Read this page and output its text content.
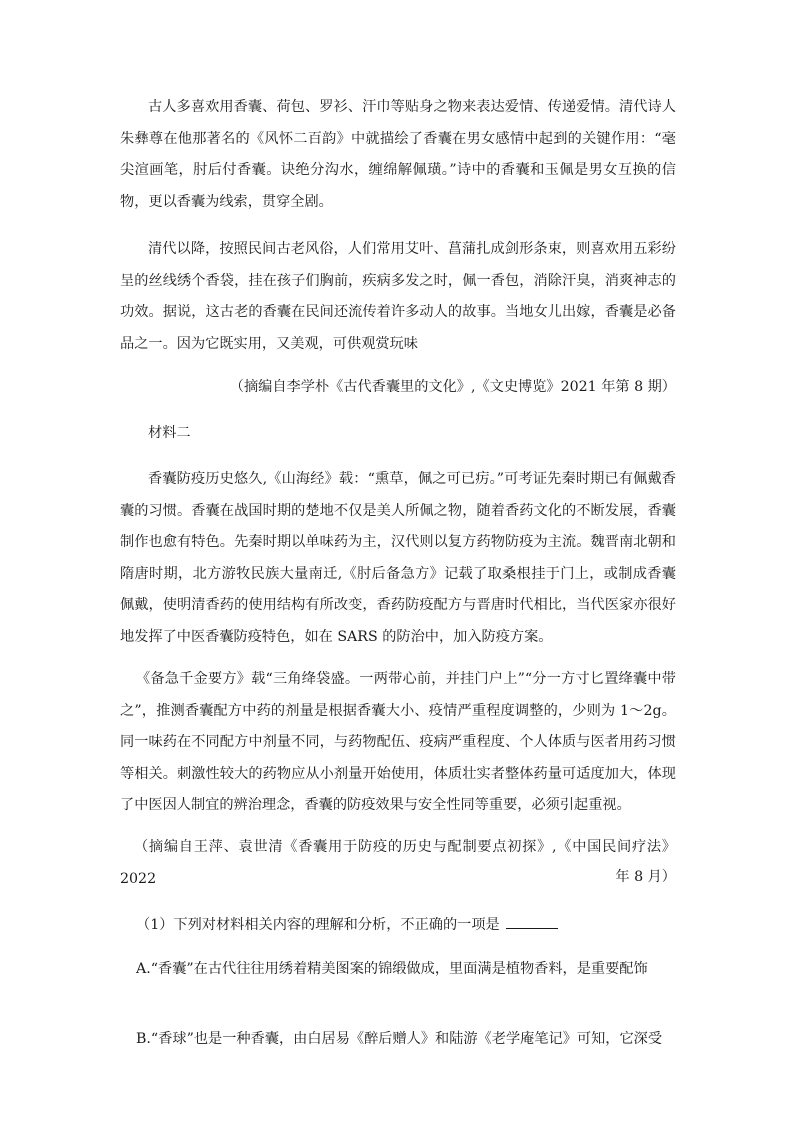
古人多喜欢用香囊、荷包、罗衫、汗巾等贴身之物来表达爱情、传递爱情。清代诗人朱彝尊在他那著名的《风怀二百韵》中就描绘了香囊在男女感情中起到的关键作用：“毫尖渲画笔，肘后付香囊。诀绝分沟水，缠绵解佩璜。”诗中的香囊和玉佩是男女互换的信物，更以香囊为线索，贯穿全剧。

清代以降，按照民间古老风俗，人们常用艾叶、菖蒲扎成剑形条束，则喜欢用五彩纷呈的丝线绣个香袋，挂在孩子们胸前，疾病多发之时，佩一香包，消除汗臭，消爽神志的功效。据说，这古老的香囊在民间还流传着许多动人的故事。当地女儿出嫁，香囊是必备品之一。因为它既实用，又美观，可供观赏玩味

（摘编自李学朴《古代香囊里的文化》,《文史博览》2021 年第 8 期）

材料二

香囊防疫历史悠久,《山海经》载：“熏草，佩之可已疠。”可考证先秦时期已有佩戴香囊的习惯。香囊在战国时期的楚地不仅是美人所佩之物，随着香药文化的不断发展，香囊制作也愈有特色。先秦时期以单味药为主，汉代则以复方药物防疫为主流。魏晋南北朝和隋唐时期，北方游牧民族大量南迁,《肘后备急方》记载了取桑根挂于门上，或制成香囊佩戴，使明清香药的使用结构有所改变，香药防疫配方与晋唐时代相比，当代医家亦很好地发挥了中医香囊防疫特色，如在 SARS 的防治中，加入防疫方案。

《备急千金要方》载“三角绛袋盛。一两带心前，并挂门户上”“分一方寸匕置绛囊中带之”，推测香囊配方中药的剂量是根据香囊大小、疫情严重程度调整的，少则为 1～2g。同一味药在不同配方中剂量不同，与药物配伍、疫病严重程度、个人体质与医者用药习惯等相关。刺激性较大的药物应从小剂量开始使用，体质壮实者整体药量可适度加大，体现了中医因人制宜的辨治理念，香囊的防疫效果与安全性同等重要，必须引起重视。

（摘编自王萍、袁世清《香囊用于防疫的历史与配制要点初探》,《中国民间疗法》2022	年 8 月）

（1）下列对材料相关内容的理解和分析，不正确的一项是

A.“香囊”在古代往往用绣着精美图案的锦缎做成，里面满是植物香料，是重要配饰

B.“香球”也是一种香囊，由白居易《醉后赠人》和陆游《老学庵笔记》可知，它深受
